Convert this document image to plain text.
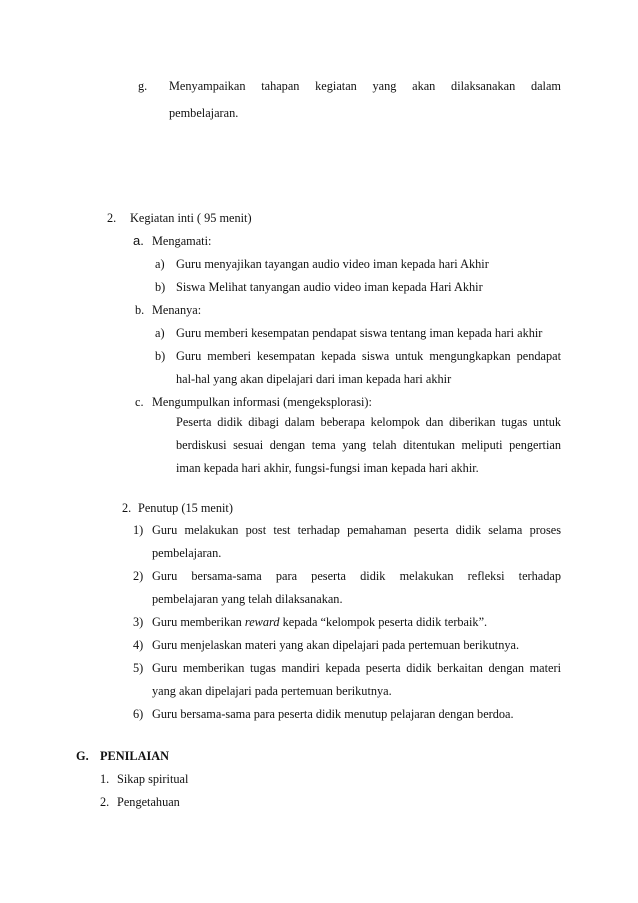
g. Menyampaikan tahapan kegiatan yang akan dilaksanakan dalam
pembelajaran.
2. Kegiatan inti ( 95 menit)
a. Mengamati:
a) Guru menyajikan tayangan audio video iman kepada hari Akhir
b) Siswa Melihat tanyangan audio video iman kepada Hari Akhir
b. Menanya:
a) Guru memberi kesempatan pendapat siswa tentang iman kepada hari akhir
b) Guru memberi kesempatan kepada siswa untuk mengungkapkan pendapat
hal-hal yang akan dipelajari dari iman kepada hari akhir
c. Mengumpulkan informasi (mengeksplorasi):
Peserta didik dibagi dalam beberapa kelompok dan diberikan tugas untuk
berdiskusi sesuai dengan tema yang telah ditentukan meliputi pengertian
iman kepada hari akhir, fungsi-fungsi iman kepada hari akhir.
2. Penutup (15 menit)
1) Guru melakukan post test terhadap pemahaman peserta didik selama proses
pembelajaran.
2) Guru bersama-sama para peserta didik melakukan refleksi terhadap
pembelajaran yang telah dilaksanakan.
3) Guru memberikan reward kepada “kelompok peserta didik terbaik”.
4) Guru menjelaskan materi yang akan dipelajari pada pertemuan berikutnya.
5) Guru memberikan tugas mandiri kepada peserta didik berkaitan dengan materi
yang akan dipelajari pada pertemuan berikutnya.
6) Guru bersama-sama para peserta didik menutup pelajaran dengan berdoa.
G. PENILAIAN
1. Sikap spiritual
2. Pengetahuan
